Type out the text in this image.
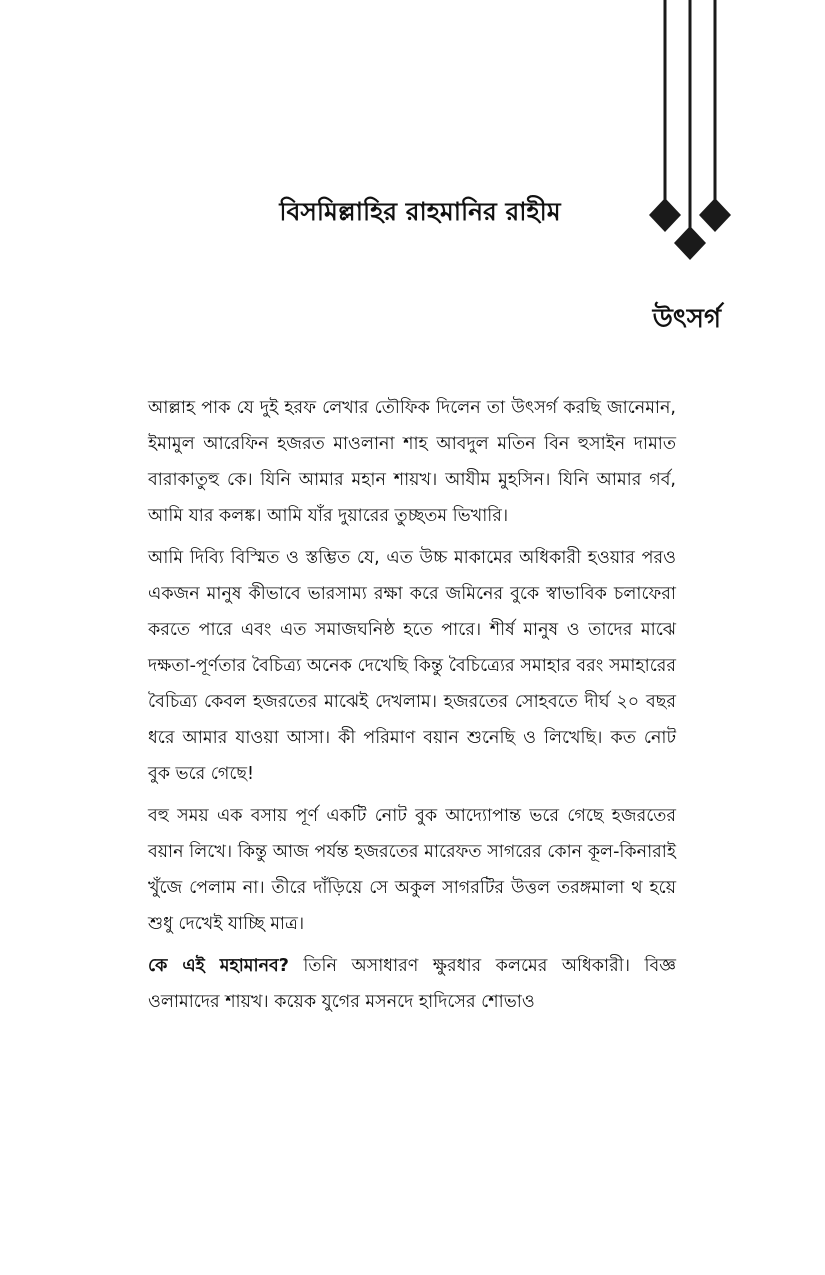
বিসমিল্লাহির রাহমানির রাহীম
উৎসর্গ

আল্লাহ পাক যে দুই হরফ লেখার তৌফিক দিলেন তা উৎসর্গ করছি জানেমান, ইমামুল আরেফিন হজরত মাওলানা শাহ আবদুল মতিন বিন হুসাইন দামাত বারাকাতুহু কে। যিনি আমার মহান শায়খ। আযীম মুহসিন। যিনি আমার গর্ব, আমি যার কলঙ্ক। আমি যাঁর দুয়ারের তুচ্ছতম ভিখারি।

আমি দিব্যি বিস্মিত ও স্তম্ভিত যে, এত উচ্চ মাকামের অধিকারী হওয়ার পরও একজন মানুষ কীভাবে ভারসাম্য রক্ষা করে জমিনের বুকে স্বাভাবিক চলাফেরা করতে পারে এবং এত সমাজঘনিষ্ঠ হতে পারে। শীর্ষ মানুষ ও তাদের মাঝে দক্ষতা-পূর্ণতার বৈচিত্র্য অনেক দেখেছি কিন্তু বৈচিত্র্যের সমাহার বরং সমাহারের বৈচিত্র্য কেবল হজরতের মাঝেই দেখলাম। হজরতের সোহবতে দীর্ঘ ২০ বছর ধরে আমার যাওয়া আসা। কী পরিমাণ বয়ান শুনেছি ও লিখেছি। কত নোট বুক ভরে গেছে!

বহু সময় এক বসায় পূর্ণ একটি নোট বুক আদ্যোপান্ত ভরে গেছে হজরতের বয়ান লিখে। কিন্তু আজ পর্যন্ত হজরতের মারেফত সাগরের কোন কূল-কিনারাই খুঁজে পেলাম না। তীরে দাঁড়িয়ে সে অকুল সাগরটির উত্তল তরঙ্গমালা থ হয়ে শুধু দেখেই যাচ্ছি মাত্র।

কে এই মহামানব? তিনি অসাধারণ ক্ষুরধার কলমের অধিকারী। বিজ্ঞ ওলামাদের শায়খ। কয়েক যুগের মসনদে হাদিসের শোভাও
